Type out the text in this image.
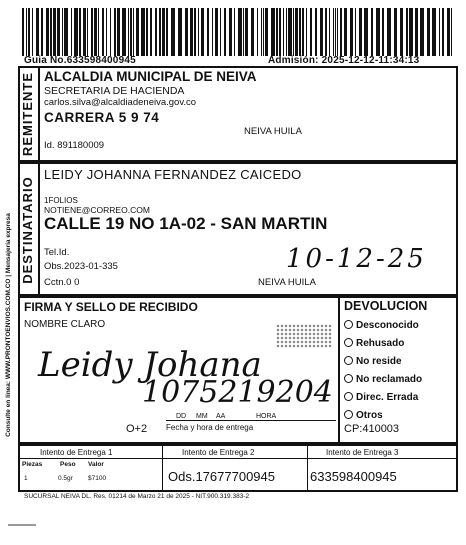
Guia No.633598400945	Admisión: 2025-12-12-11:34:13
Consulte en línea: WWW.PRONTOENVIOS.COM.CO | Mensajería expresa
REMITENTE ALCALDIA MUNICIPAL DE NEIVA
SECRETARIA DE HACIENDA
carlos.silva@alcaldiadeneiva.gov.co
CARRERA 5 9 74
NEIVA HUILA
Id. 891180009
DESTINATARIO
LEIDY JOHANNA FERNANDEZ CAICEDO
1FOLIOS
NOTIENE@CORREO.COM
CALLE 19 NO 1A-02 - SAN MARTIN
Tel.Id.
Obs.2023-01-335
Cctn.0 0	NEIVA HUILA
10-12-25
FIRMA Y SELLO DE RECIBIDO
NOMBRE CLARO
Leidy Johana
1075219204
O+2
DD MM AA	HORA
Fecha y hora de entrega
DEVOLUCION
Desconocido
Rehusado
No reside
No reclamado
Direc. Errada
Otros
CP:410003
Intento de Entrega 1	Intento de Entrega 2	Intento de Entrega 3
Piezas	Peso Valor
1	0.5gr $7100	Ods.17677700945	633598400945
SUCURSAL NEIVA DL. Res. 01214 de Marzo 21 de 2025 - NIT.900.319.383-2
